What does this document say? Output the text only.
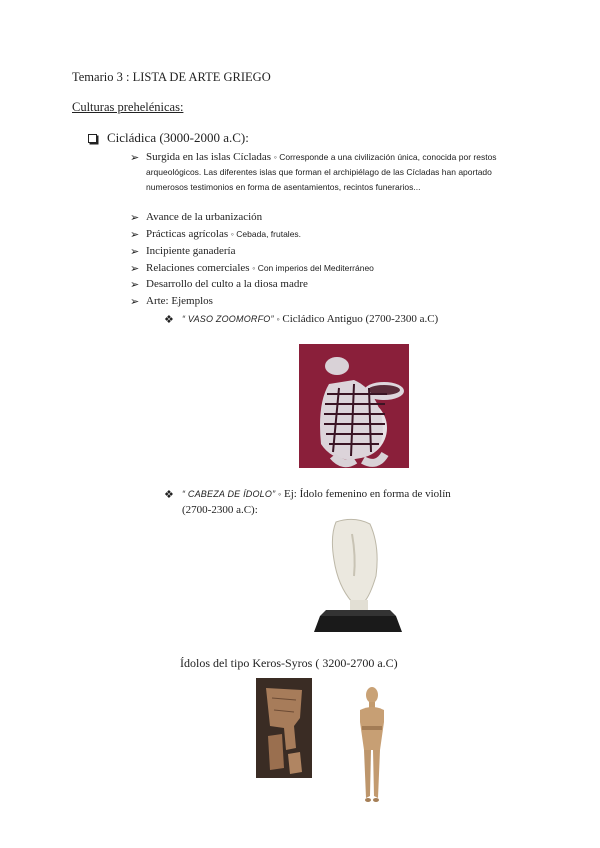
Temario 3 : LISTA DE ARTE GRIEGO
Culturas prehelénicas:
Cicládica (3000-2000 a.C):
➢ Surgida en las islas Cícladas ◦ Corresponde a una civilización única, conocida por restos arqueológicos. Las diferentes islas que forman el archipiélago de las Cícladas han aportado numerosos testimonios en forma de asentamientos, recintos funerarios...
➢ Avance de la urbanización
➢ Prácticas agrícolas ◦ Cebada, frutales.
➢ Incipiente ganadería
➢ Relaciones comerciales ◦ Con imperios del Mediterráneo
➢ Desarrollo del culto a la diosa madre
➢ Arte: Ejemplos
❖ “ VASO ZOOMORFO” ◦ Cicládico Antiguo (2700-2300 a.C)
❖ “ CABEZA DE ÍDOLO” ◦ Ej: Ídolo femenino en forma de violín
(2700-2300 a.C):
Ídolos del tipo Keros-Syros ( 3200-2700 a.C)
